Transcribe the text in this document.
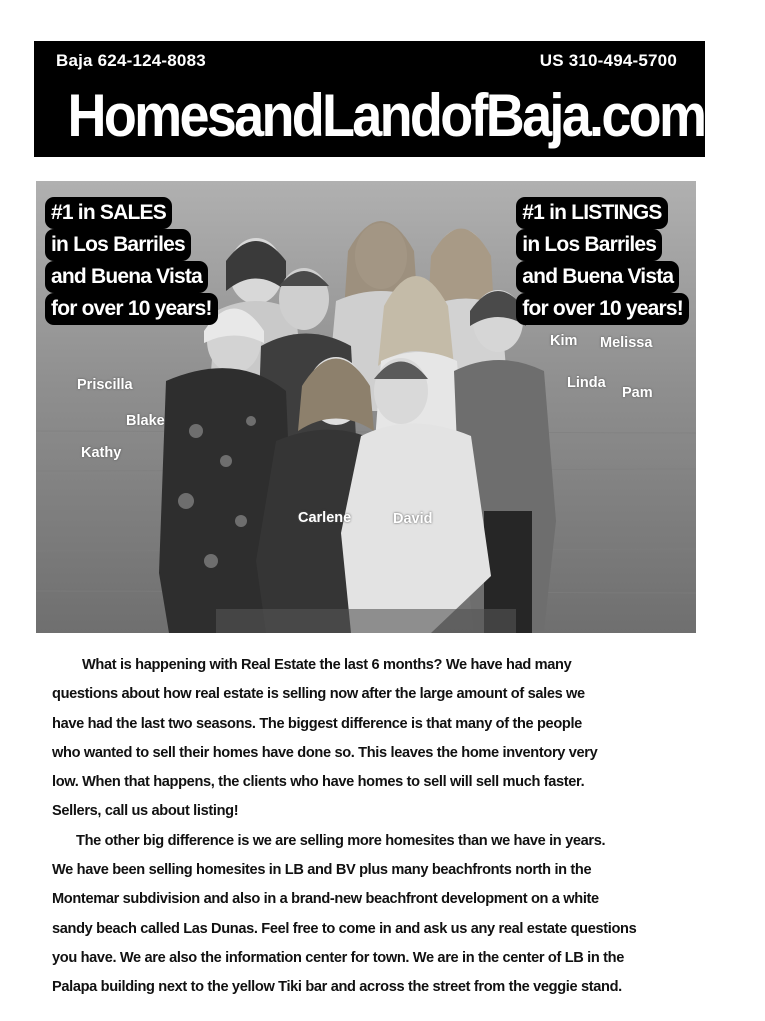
Baja 624-124-8083	US 310-494-5700
HomesandLandofBaja.com
#1 in SALES
in Los Barriles
and Buena Vista
for over 10 years!
#1 in LISTINGS
in Los Barriles
and Buena Vista
for over 10 years!
Priscilla
Blake
Kathy
Kim Melissa
Linda
Pam
Carlene	David
What is happening with Real Estate the last 6 months? We have had many
questions about how real estate is selling now after the large amount of sales we
have had the last two seasons. The biggest difference is that many of the people
who wanted to sell their homes have done so. This leaves the home inventory very
low. When that happens, the clients who have homes to sell will sell much faster.
Sellers, call us about listing!
The other big difference is we are selling more homesites than we have in years.
We have been selling homesites in LB and BV plus many beachfronts north in the
Montemar subdivision and also in a brand-new beachfront development on a white
sandy beach called Las Dunas. Feel free to come in and ask us any real estate questions
you have. We are also the information center for town. We are in the center of LB in the
Palapa building next to the yellow Tiki bar and across the street from the veggie stand.
